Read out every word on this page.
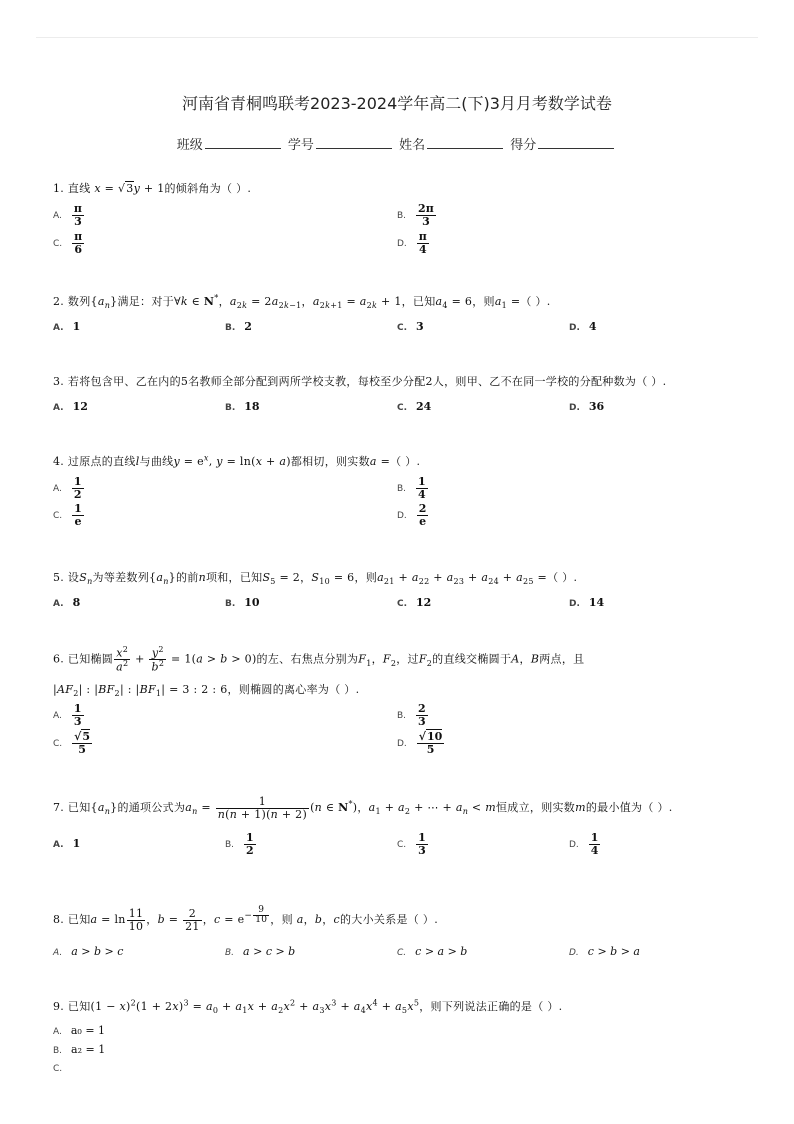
河南省青桐鸣联考2023-2024学年高二(下)3月月考数学试卷
班级	学号	姓名	得分
1. 直线 x = √3y + 1的倾斜角为（ ）.
A. $\frac{\pi}{3}$	B. $\frac{2\pi}{3}$
C. $\frac{\pi}{6}$	D. $\frac{\pi}{4}$
2. 数列$\{a_n\}$满足：对于∀k ∈ N*，$a_{2k} = 2a_{2k-1}$，$a_{2k+1} = a_{2k} + 1$，已知$a_4 = 6$，则$a_1$ =（ ）.
A. 1	B. 2	C. 3	D. 4
3. 若将包含甲、乙在内的5名教师全部分配到两所学校支教，每校至少分配2人，则甲、乙不在同一学校的分配种数为（ ）.
A. 12	B. 18	C. 24	D. 36
4. 过原点的直线l与曲线$y = e^x$, y = ln(x + a)都相切，则实数a =（ ）.
A. $\frac{1}{2}$	B. $\frac{1}{4}$
C. $\frac{1}{e}$	D. $\frac{2}{e}$
5. 设$S_n$为等差数列$\{a_n\}$的前n项和，已知$S_5 = 2$，$S_{10} = 6$，则$a_{21} + a_{22} + a_{23} + a_{24} + a_{25}$ =（ ）.
A. 8	B. 10	C. 12	D. 14
6. 已知椭圆 $\frac{x^2}{a^2} + \frac{y^2}{b^2} = 1(a > b > 0)$的左、右焦点分别为$F_1$，$F_2$，过$F_2$的直线交椭圆于A，B两点，且
$|AF_2|$ : $|BF_2|$ : $|BF_1| = 3$ : 2 : 6，则椭圆的离心率为（ ）.
A. $\frac{1}{3}$	B. $\frac{2}{3}$
C. $\frac{√5}{5}$	D. $\frac{√10}{5}$
7. 已知$\{a_n\}$的通项公式为$a_n = \frac{1}{n(n + 1)(n + 2)} (n$ ∈ N*)，$a_1 + a_2$ + ⋯ + $a_n < m$恒成立，则实数m的最小值为（ ）.
A. 1	B. $\frac{1}{2}$	C. $\frac{1}{3}$	D. $\frac{1}{4}$
8. 已知$a = \ln \frac{11}{10}$ ，$b = \frac{2}{21}$ ，$c = e^{- \frac{9}{10}}$ ，则 a，b，c的大小关系是（ ）.
A. a > b > c	B. a > c > b	C. c > a > b	D. c > b > a
9. 已知$(1 - x)^2(1 + 2x)^3 = a_0 + a_1x + a_2x^2 + a_3x^3 + a_4x^4 + a_5x^5$，则下列说法正确的是（ ）.
A. a₀ = 1
B. a₂ = 1
C.
